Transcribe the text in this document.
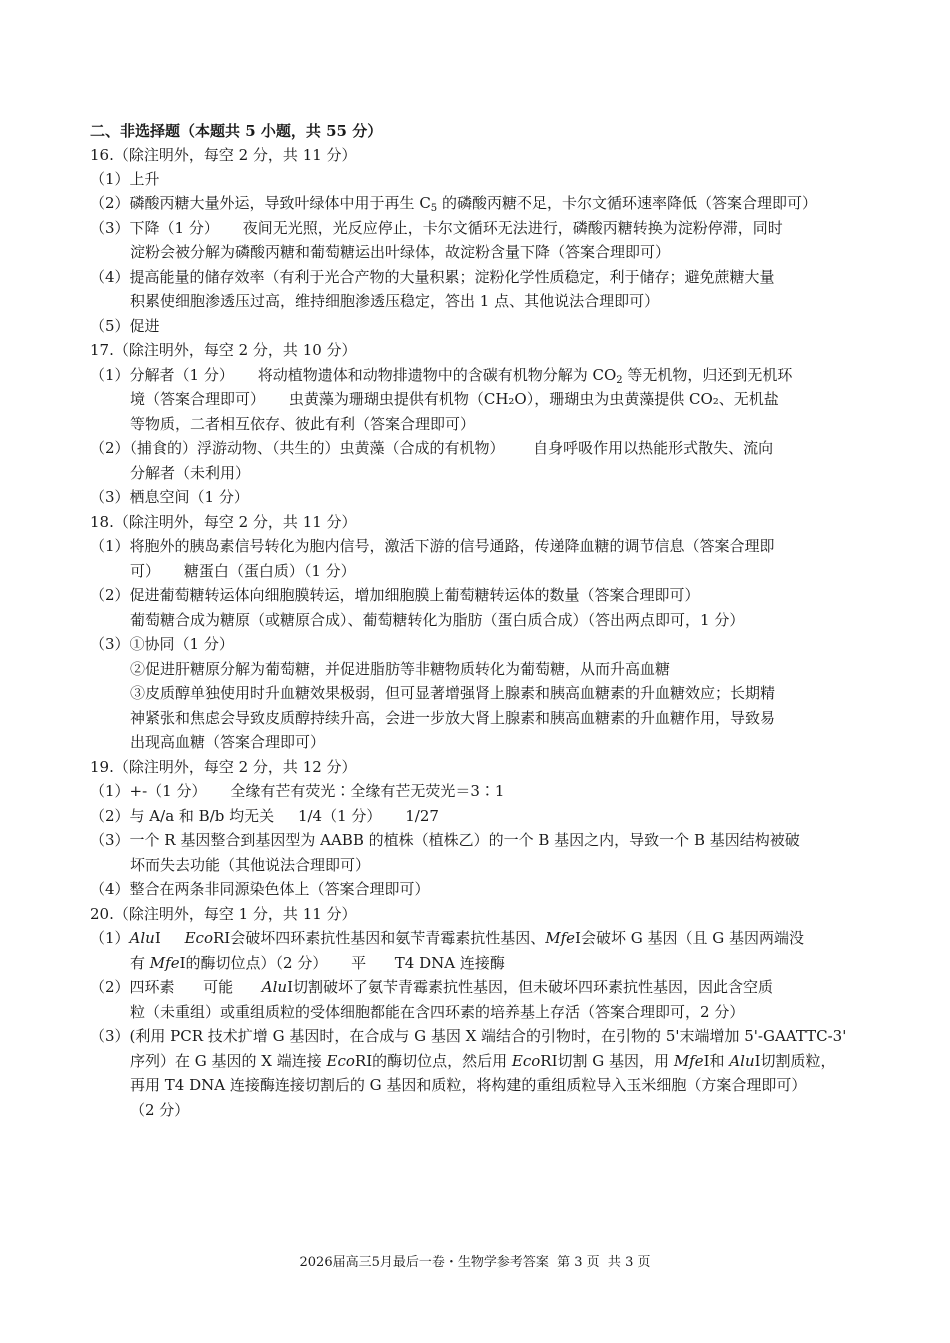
二、非选择题（本题共 5 小题，共 55 分）
16.（除注明外，每空 2 分，共 11 分）
（1）上升
（2）磷酸丙糖大量外运，导致叶绿体中用于再生 $C_5$ 的磷酸丙糖不足，卡尔文循环速率降低（答案合理即可）
（3）下降（1 分）     夜间无光照，光反应停止，卡尔文循环无法进行，磷酸丙糖转换为淀粉停滞，同时
淀粉会被分解为磷酸丙糖和葡萄糖运出叶绿体，故淀粉含量下降（答案合理即可）
（4）提高能量的储存效率（有利于光合产物的大量积累；淀粉化学性质稳定，利于储存；避免蔗糖大量
积累使细胞渗透压过高，维持细胞渗透压稳定，答出 1 点、其他说法合理即可）
（5）促进
17.（除注明外，每空 2 分，共 10 分）
（1）分解者（1 分）     将动植物遗体和动物排遗物中的含碳有机物分解为 $CO_2$ 等无机物，归还到无机环
境（答案合理即可）     虫黄藻为珊瑚虫提供有机物（CH₂O），珊瑚虫为虫黄藻提供 CO₂、无机盐
等物质，二者相互依存、彼此有利（答案合理即可）
（2）（捕食的）浮游动物、（共生的）虫黄藻（合成的有机物）      自身呼吸作用以热能形式散失、流向
分解者（未利用）
（3）栖息空间（1 分）
18.（除注明外，每空 2 分，共 11 分）
（1）将胞外的胰岛素信号转化为胞内信号，激活下游的信号通路，传递降血糖的调节信息（答案合理即
可）     糖蛋白（蛋白质）（1 分）
（2）促进葡萄糖转运体向细胞膜转运，增加细胞膜上葡萄糖转运体的数量（答案合理即可）
葡萄糖合成为糖原（或糖原合成）、葡萄糖转化为脂肪（蛋白质合成）（答出两点即可，1 分）
（3）①协同（1 分）
②促进肝糖原分解为葡萄糖，并促进脂肪等非糖物质转化为葡萄糖，从而升高血糖
③皮质醇单独使用时升血糖效果极弱，但可显著增强肾上腺素和胰高血糖素的升血糖效应；长期精
神紧张和焦虑会导致皮质醇持续升高，会进一步放大肾上腺素和胰高血糖素的升血糖作用，导致易
出现高血糖（答案合理即可）
19.（除注明外，每空 2 分，共 12 分）
（1）+-（1 分）     全缘有芒有荧光∶全缘有芒无荧光＝3∶1
（2）与 A/a 和 B/b 均无关     1/4（1 分）     1/27
（3）一个 R 基因整合到基因型为 AABB 的植株（植株乙）的一个 B 基因之内，导致一个 B 基因结构被破
坏而失去功能（其他说法合理即可）
（4）整合在两条非同源染色体上（答案合理即可）
20.（除注明外，每空 1 分，共 11 分）
（1）AluⅠ     EcoRⅠ会破坏四环素抗性基因和氨苄青霉素抗性基因、MfeⅠ会破坏 G 基因（且 G 基因两端没
有 MfeⅠ的酶切位点）（2 分）     平      T4 DNA 连接酶
（2）四环素      可能      AluⅠ切割破坏了氨苄青霉素抗性基因，但未破坏四环素抗性基因，因此含空质
粒（未重组）或重组质粒的受体细胞都能在含四环素的培养基上存活（答案合理即可，2 分）
（3）(利用 PCR 技术扩增 G 基因时，在合成与 G 基因 X 端结合的引物时，在引物的 5'末端增加 5'-GAATTC-3'
序列）在 G 基因的 X 端连接 EcoRⅠ的酶切位点，然后用 EcoRⅠ切割 G 基因，用 MfeⅠ和 AluⅠ切割质粒，
再用 T4 DNA 连接酶连接切割后的 G 基因和质粒，将构建的重组质粒导入玉米细胞（方案合理即可）
（2 分）
2026届高三5月最后一卷・生物学参考答案  第 3 页  共 3 页
